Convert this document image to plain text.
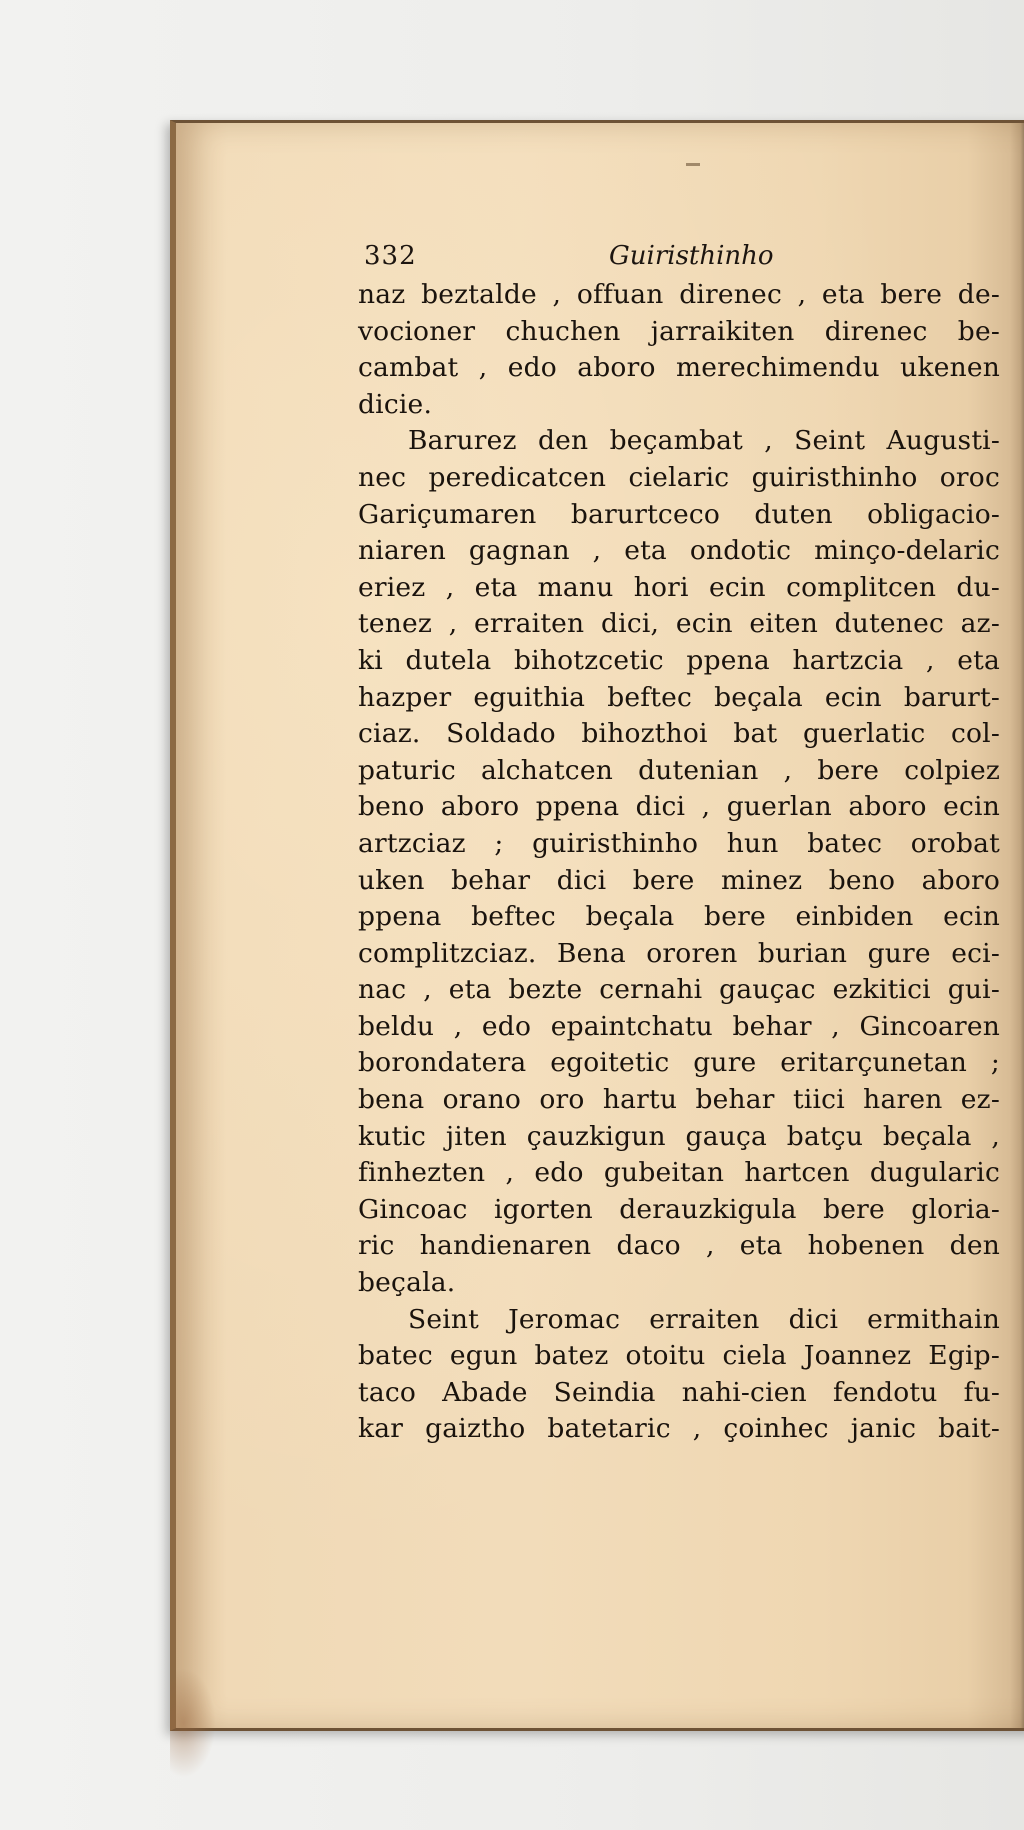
332	Guiristhinho
naz beztalde , offuan direnec , eta bere de-
vocioner chuchen jarraikiten direnec be-
cambat , edo aboro merechimendu ukenen
dicie.
Barurez den beçambat , Seint Augusti-
nec peredicatcen cielaric guiristhinho oroc
Gariçumaren barurtceco duten obligacio-
niaren gagnan , eta ondotic minço-delaric
eriez , eta manu hori ecin complitcen du-
tenez , erraiten dici, ecin eiten dutenec az-
ki dutela bihotzcetic ppena hartzcia , eta
hazper eguithia beftec beçala ecin barurt-
ciaz. Soldado bihozthoi bat guerlatic col-
paturic alchatcen dutenian , bere colpiez
beno aboro ppena dici , guerlan aboro ecin
artzciaz ; guiristhinho hun batec orobat
uken behar dici bere minez beno aboro
ppena beftec beçala bere einbiden ecin
complitzciaz. Bena ororen burian gure eci-
nac , eta bezte cernahi gauçac ezkitici gui-
beldu , edo epaintchatu behar , Gincoaren
borondatera egoitetic gure eritarçunetan ;
bena orano oro hartu behar tiici haren ez-
kutic jiten çauzkigun gauça batçu beçala ,
finhezten , edo gubeitan hartcen dugularic
Gincoac igorten derauzkigula bere gloria-
ric handienaren daco , eta hobenen den
beçala.
Seint Jeromac erraiten dici ermithain
batec egun batez otoitu ciela Joannez Egip-
taco Abade Seindia nahi-cien fendotu fu-
kar gaiztho batetaric , çoinhec janic bait-
